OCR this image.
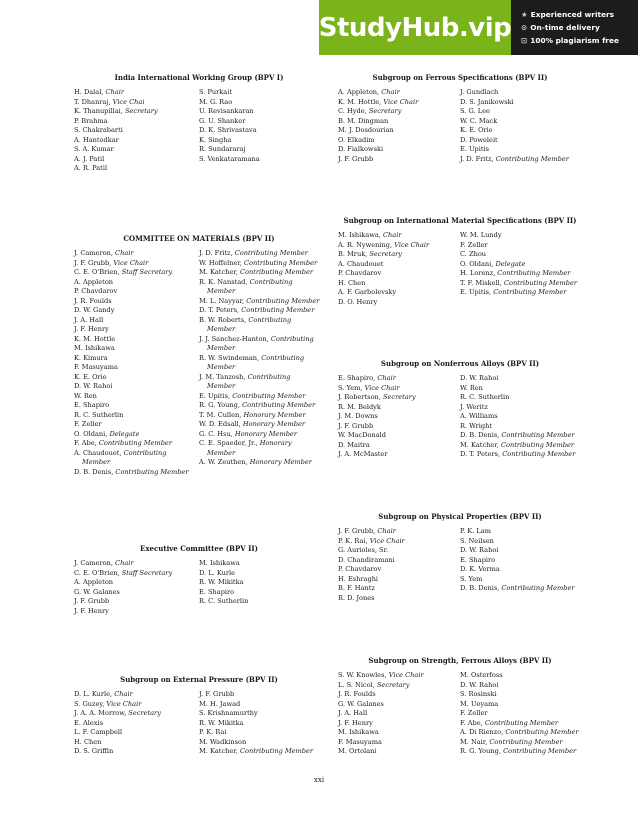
StudyHub.vip ★ Experienced writers
⊙ On-time delivery
⊡ 100% plagiarism free
India International Working Group (BPV I)
H. Dalal, Chair
T. Dhanraj, Vice Chai
K. Thanupillai, Secretary
P. Brahma
S. Chakrabarti
A. Hantodkar
S. A. Kumar
A. J. Patil
A. R. Patil
S. Purkait
M. G. Rao
U. Revisankaran
G. U. Shanker
D. K. Shrivastava
K. Singha
R. Sundararaj
S. Venkataramana
Subgroup on Ferrous Specifications (BPV II)
A. Appleton, Chair
K. M. Hottle, Vice Chair
C. Hyde, Secretary
B. M. Dingman
M. J. Dosdourian
O. Elkadim
D. Fialkowski
J. F. Grubb
J. Gundlach
D. S. Janikowski
S. G. Lee
W. C. Mack
K. E. Orie
D. Poweleit
E. Upitis
J. D. Fritz, Contributing Member
COMMITTEE ON MATERIALS (BPV II)
J. Cameron, Chair
J. F. Grubb, Vice Chair
C. E. O'Brien, Staff Secretary
A. Appleton
P. Chavdarov
J. R. Foulds
D. W. Gandy
J. A. Hall
J. F. Henry
K. M. Hottle
M. Ishikawa
K. Kimura
F. Masuyama
K. E. Orie
D. W. Rahoi
W. Ren
E. Shapiro
R. C. Sutherlin
F. Zeller
O. Oldani, Delegate
F. Abe, Contributing Member
A. Chaudouet, Contributing
Member
D. B. Denis, Contributing Member
J. D. Fritz, Contributing Member
W. Hoffelner, Contributing Member
M. Katcher, Contributing Member
R. K. Nanstad, Contributing
Member
M. L. Nayyar, Contributing Member
D. T. Peters, Contributing Member
B. W. Roberts, Contributing
Member
J. J. Sanchez-Hanton, Contributing
Member
R. W. Swindeman, Contributing
Member
J. M. Tanzosh, Contributing
Member
E. Upitis, Contributing Member
R. G. Young, Contributing Member
T. M. Cullen, Honorary Member
W. D. Edsall, Honorary Member
G. C. Hsu, Honorary Member
C. E. Spaeder, Jr., Honorary
Member
A. W. Zeuthen, Honorary Member
Subgroup on International Material Specifications (BPV II)
M. Ishikawa, Chair
A. R. Nywening, Vice Chair
B. Mruk, Secretary
A. Chaudouet
P. Chavdarov
H. Chen
A. F. Garbolevsky
D. O. Henry
W. M. Lundy
F. Zeller
C. Zhou
O. Oldani, Delegate
H. Lorenz, Contributing Member
T. F. Miskell, Contributing Member
E. Upitis, Contributing Member
Subgroup on Nonferrous Alloys (BPV II)
E. Shapiro, Chair
S. Yem, Vice Chair
J. Robertson, Secretary
R. M. Beldyk
J. M. Downs
J. F. Grubb
W. MacDonald
D. Maitra
J. A. McMaster
D. W. Rahoi
W. Ren
R. C. Sutherlin
J. Weritz
A. Williams
R. Wright
D. B. Denis, Contributing Member
M. Katcher, Contributing Member
D. T. Peters, Contributing Member
Executive Committee (BPV II)
J. Cameron, Chair
C. E. O'Brien, Staff Secretary
A. Appleton
G. W. Galanes
J. F. Grubb
J. F. Henry
M. Ishikawa
D. L. Kurle
R. W. Mikitka
E. Shapiro
R. C. Sutherlin
Subgroup on Physical Properties (BPV II)
J. F. Grubb, Chair
P. K. Rai, Vice Chair
G. Aurioles, Sr.
D. Chandiramani
P. Chavdarov
H. Eshraghi
B. F. Hantz
R. D. Jones
P. K. Lam
S. Neilsen
D. W. Rahoi
E. Shapiro
D. K. Verma
S. Yem
D. B. Denis, Contributing Member
Subgroup on External Pressure (BPV II)
D. L. Kurle, Chair
S. Guzey, Vice Chair
J. A. A. Morrow, Secretary
E. Alexis
L. F. Campbell
H. Chen
D. S. Griffin
J. F. Grubb
M. H. Jawad
S. Krishnamurthy
R. W. Mikitka
P. K. Rai
M. Wadkinson
M. Katcher, Contributing Member
Subgroup on Strength, Ferrous Alloys (BPV II)
S. W. Knowles, Vice Chair
L. S. Nicol, Secretary
J. R. Foulds
G. W. Galanes
J. A. Hall
J. F. Henry
M. Ishikawa
F. Masuyama
M. Ortolani
M. Osterfoss
D. W. Rahoi
S. Rosinski
M. Ueyama
F. Zeller
F. Abe, Contributing Member
A. Di Rienzo, Contributing Member
M. Nair, Contributing Member
R. G. Young, Contributing Member
xxi
